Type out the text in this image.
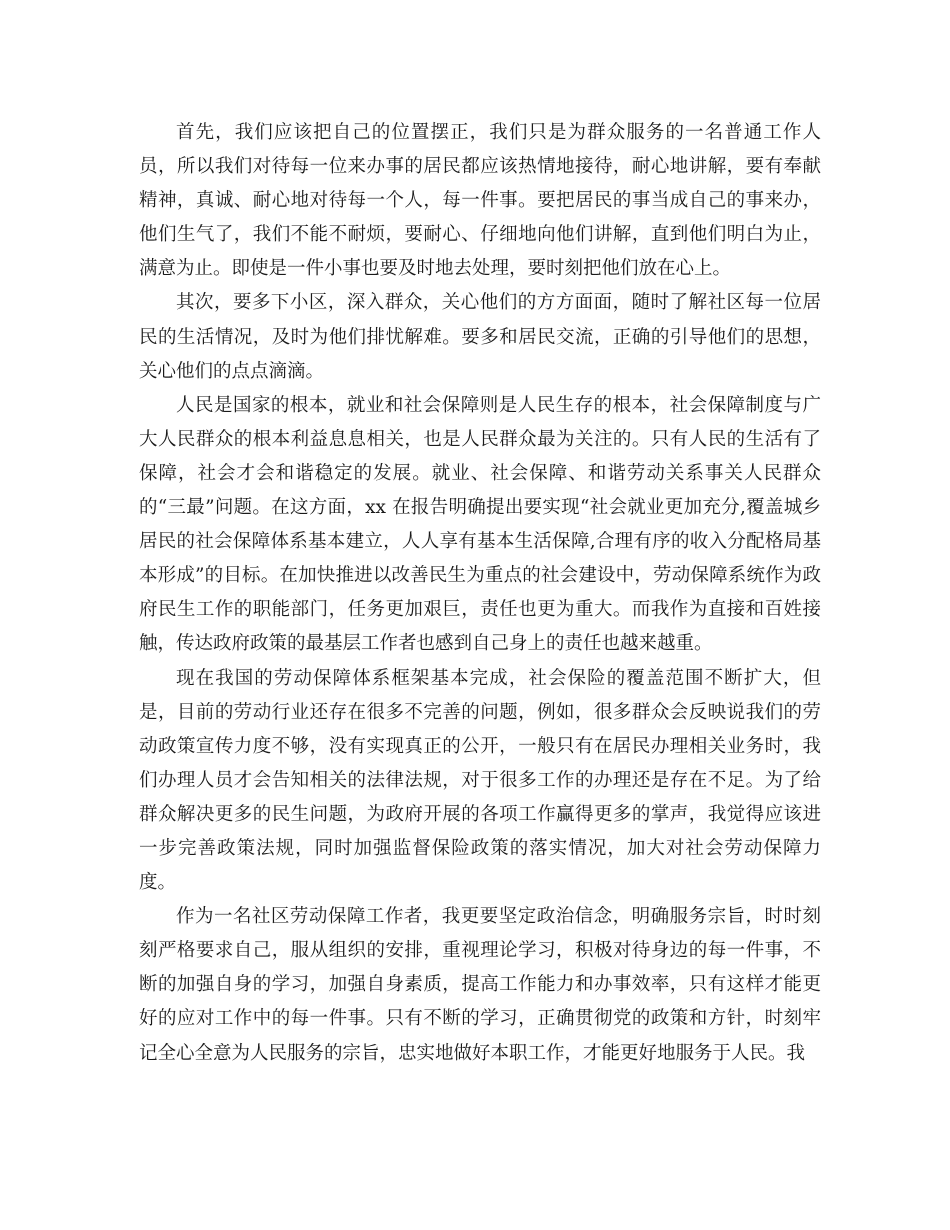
首先，我们应该把自己的位置摆正，我们只是为群众服务的一名普通工作人员，所以我们对待每一位来办事的居民都应该热情地接待，耐心地讲解，要有奉献精神，真诚、耐心地对待每一个人，每一件事。要把居民的事当成自己的事来办，他们生气了，我们不能不耐烦，要耐心、仔细地向他们讲解，直到他们明白为止，满意为止。即使是一件小事也要及时地去处理，要时刻把他们放在心上。

其次，要多下小区，深入群众，关心他们的方方面面，随时了解社区每一位居民的生活情况，及时为他们排忧解难。要多和居民交流，正确的引导他们的思想，关心他们的点点滴滴。

人民是国家的根本，就业和社会保障则是人民生存的根本，社会保障制度与广大人民群众的根本利益息息相关，也是人民群众最为关注的。只有人民的生活有了保障，社会才会和谐稳定的发展。就业、社会保障、和谐劳动关系事关人民群众的“三最”问题。在这方面，xx 在报告明确提出要实现“社会就业更加充分,覆盖城乡居民的社会保障体系基本建立，人人享有基本生活保障,合理有序的收入分配格局基本形成”的目标。在加快推进以改善民生为重点的社会建设中，劳动保障系统作为政府民生工作的职能部门，任务更加艰巨，责任也更为重大。而我作为直接和百姓接触，传达政府政策的最基层工作者也感到自己身上的责任也越来越重。

现在我国的劳动保障体系框架基本完成，社会保险的覆盖范围不断扩大，但是，目前的劳动行业还存在很多不完善的问题，例如，很多群众会反映说我们的劳动政策宣传力度不够，没有实现真正的公开，一般只有在居民办理相关业务时，我们办理人员才会告知相关的法律法规，对于很多工作的办理还是存在不足。为了给群众解决更多的民生问题，为政府开展的各项工作赢得更多的掌声，我觉得应该进一步完善政策法规，同时加强监督保险政策的落实情况，加大对社会劳动保障力度。

作为一名社区劳动保障工作者，我更要坚定政治信念，明确服务宗旨，时时刻刻严格要求自己，服从组织的安排，重视理论学习，积极对待身边的每一件事，不断的加强自身的学习，加强自身素质，提高工作能力和办事效率，只有这样才能更好的应对工作中的每一件事。只有不断的学习，正确贯彻党的政策和方针，时刻牢记全心全意为人民服务的宗旨，忠实地做好本职工作，才能更好地服务于人民。我
